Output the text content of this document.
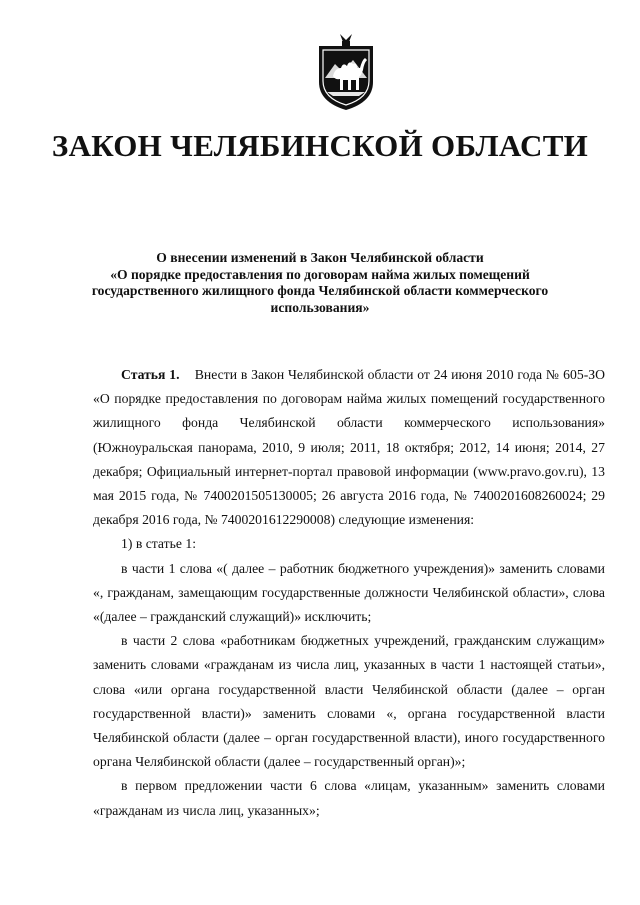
ЗАКОН ЧЕЛЯБИНСКОЙ ОБЛАСТИ
О внесении изменений в Закон Челябинской области
«О порядке предоставления по договорам найма жилых помещений
государственного жилищного фонда Челябинской области коммерческого
использования»

Статья 1. Внести в Закон Челябинской области от 24 июня 2010 года № 605-ЗО «О порядке предоставления по договорам найма жилых помещений государственного жилищного фонда Челябинской области коммерческого использования» (Южноуральская панорама, 2010, 9 июля; 2011, 18 октября; 2012, 14 июня; 2014, 27 декабря; Официальный интернет-портал правовой информации (www.pravo.gov.ru), 13 мая 2015 года, № 7400201505130005; 26 августа 2016 года, № 7400201608260024; 29 декабря 2016 года, № 7400201612290008) следующие изменения:

1) в статье 1:

в части 1 слова «( далее – работник бюджетного учреждения)» заменить словами «, гражданам, замещающим государственные должности Челябинской области», слова «(далее – гражданский служащий)» исключить;

в части 2 слова «работникам бюджетных учреждений, гражданским служащим» заменить словами «гражданам из числа лиц, указанных в части 1 настоящей статьи», слова «или органа государственной власти Челябинской области (далее – орган государственной власти)» заменить словами «, органа государственной власти Челябинской области (далее – орган государственной власти), иного государственного органа Челябинской области (далее – государственный орган)»;

в первом предложении части 6 слова «лицам, указанным» заменить словами «гражданам из числа лиц, указанных»;
